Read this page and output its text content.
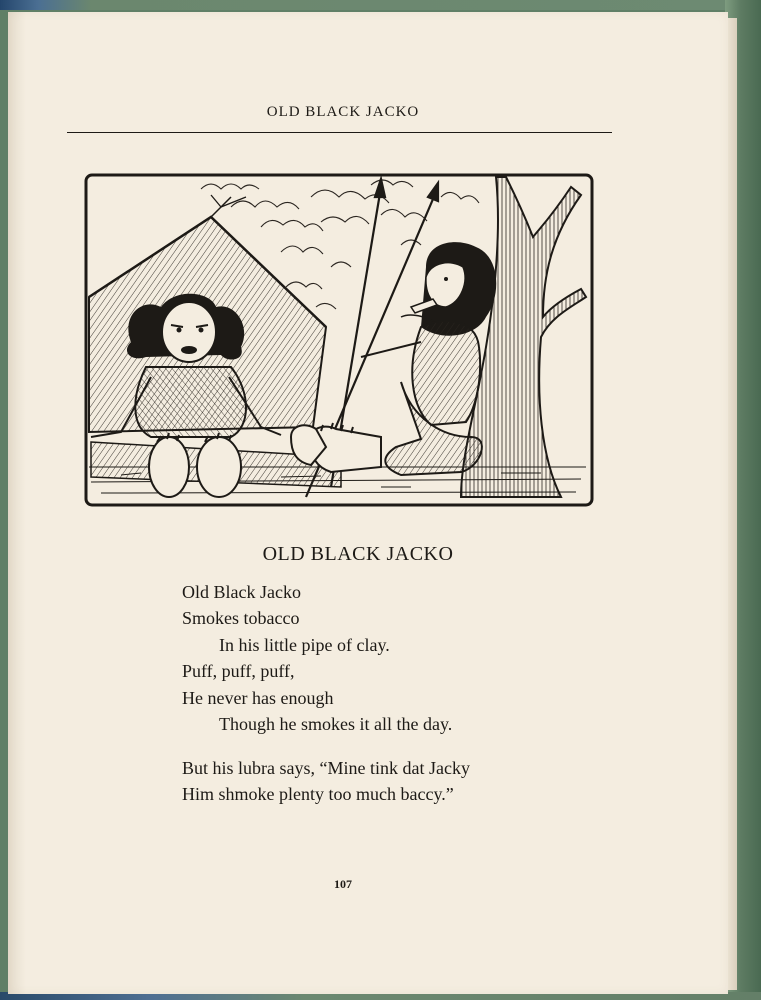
OLD BLACK JACKO
OLD BLACK JACKO
Old Black Jacko
Smokes tobacco
In his little pipe of clay.
Puff, puff, puff,
He never has enough
Though he smokes it all the day.
But his lubra says, “Mine tink dat Jacky
Him shmoke plenty too much baccy.”
107
